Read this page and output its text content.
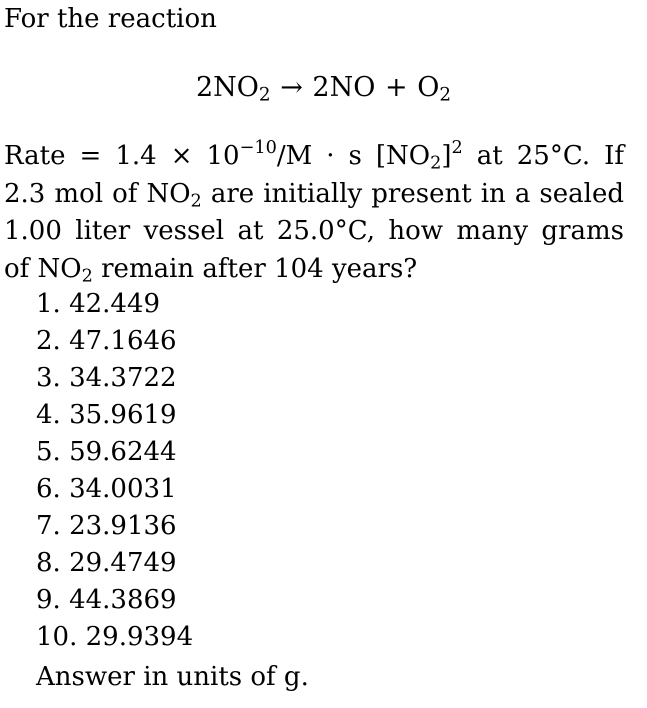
For the reaction
$2NO_2 \to 2NO + O_2$
Rate = $1.4 \times 10^{-10}/M \cdot s$ $[NO_2]^2$ at 25°C. If
2.3 mol of $NO_2$ are initially present in a sealed
1.00 liter vessel at 25.0°C, how many grams
of $NO_2$ remain after 104 years?
1. 42.449
2. 47.1646
3. 34.3722
4. 35.9619
5. 59.6244
6. 34.0031
7. 23.9136
8. 29.4749
9. 44.3869
10. 29.9394
Answer in units of g.
